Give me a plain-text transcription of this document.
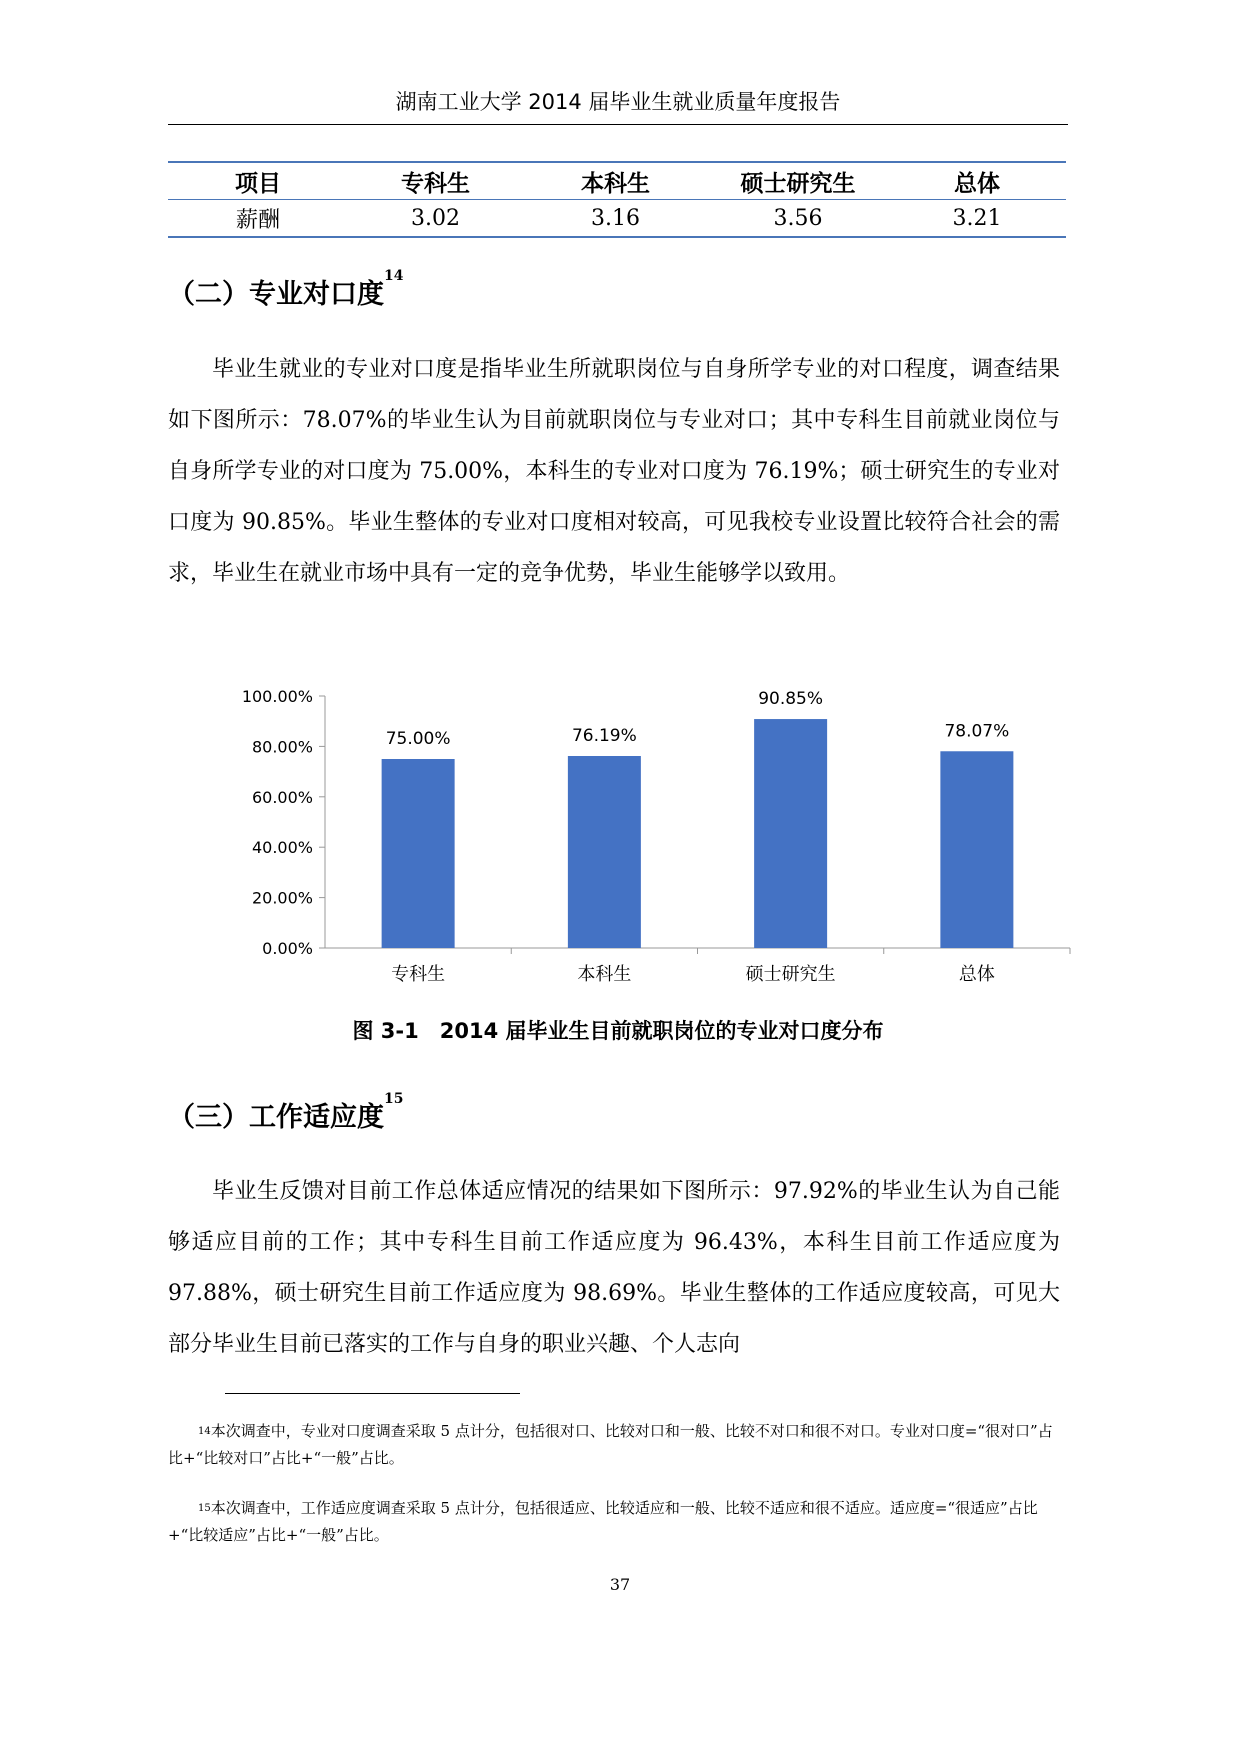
湖南工业大学 2014 届毕业生就业质量年度报告
项目	专科生	本科生	硕士研究生	总体
薪酬	3.02	3.16	3.56	3.21
（二）专业对口度$^{14}$

毕业生就业的专业对口度是指毕业生所就职岗位与自身所学专业的对口程度，调查结果如下图所示：78.07%的毕业生认为目前就职岗位与专业对口；其中专科生目前就业岗位与自身所学专业的对口度为 75.00%，本科生的专业对口度为 76.19%；硕士研究生的专业对口度为 90.85%。毕业生整体的专业对口度相对较高，可见我校专业设置比较符合社会的需求，毕业生在就业市场中具有一定的竞争优势，毕业生能够学以致用。

0.00%
20.00%
40.00%
60.00%
80.00%
100.00%
75.00%
专科生
76.19%
本科生
90.85%
硕士研究生
78.07%
总体
图 3-1　2014 届毕业生目前就职岗位的专业对口度分布
（三）工作适应度$^{15}$

毕业生反馈对目前工作总体适应情况的结果如下图所示：97.92%的毕业生认为自己能够适应目前的工作；其中专科生目前工作适应度为 96.43%，本科生目前工作适应度为 97.88%，硕士研究生目前工作适应度为 98.69%。毕业生整体的工作适应度较高，可见大部分毕业生目前已落实的工作与自身的职业兴趣、个人志向

$^{14}$本次调查中，专业对口度调查采取 5 点计分，包括很对口、比较对口和一般、比较不对口和很不对口。专业对口度=“很对口”占比+“比较对口”占比+“一般”占比。

$^{15}$本次调查中，工作适应度调查采取 5 点计分，包括很适应、比较适应和一般、比较不适应和很不适应。适应度=“很适应”占比+“比较适应”占比+“一般”占比。

37
